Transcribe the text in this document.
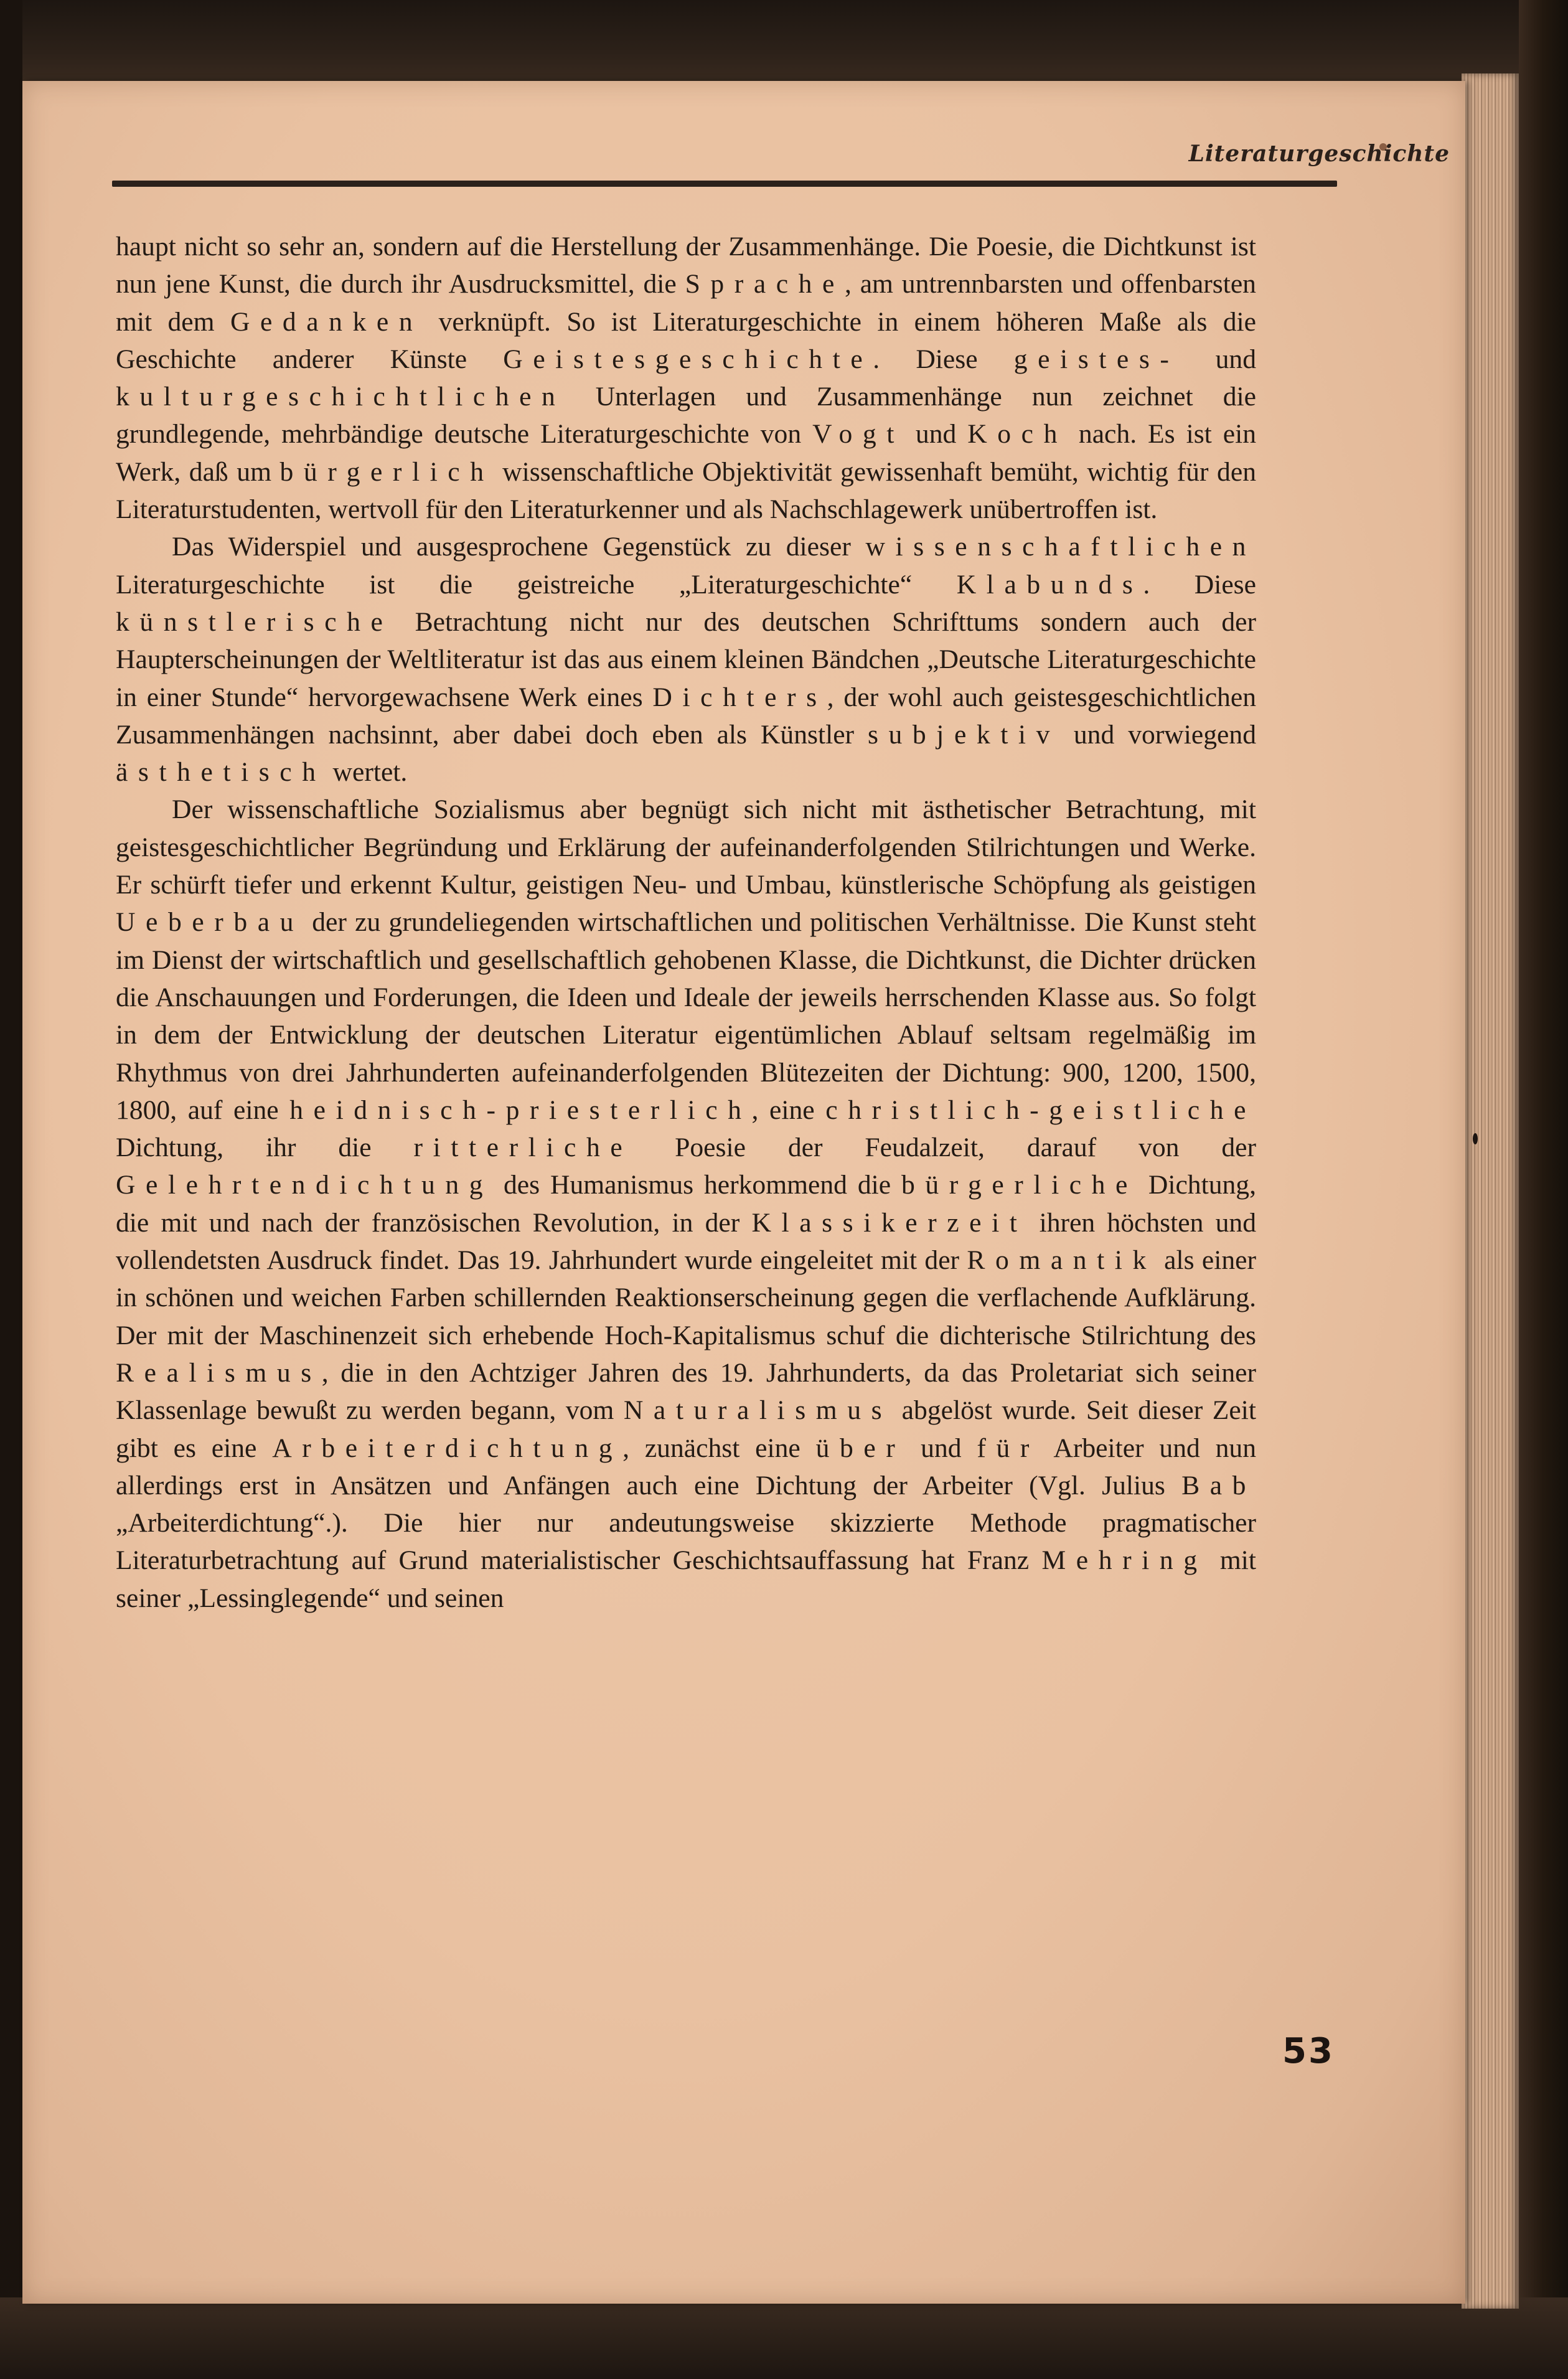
Literaturgeschichte

haupt nicht so sehr an, sondern auf die Herstellung der Zusammenhänge. Die Poesie, die Dichtkunst ist nun jene Kunst, die durch ihr Ausdrucksmittel, die Sprache, am untrennbarsten und offenbarsten mit dem Gedanken verknüpft. So ist Literaturgeschichte in einem höheren Maße als die Geschichte anderer Künste Geistesgeschichte. Diese geistes- und kulturgeschichtlichen Unterlagen und Zusammenhänge nun zeichnet die grundlegende, mehrbändige deutsche Literaturgeschichte von Vogt und Koch nach. Es ist ein Werk, daß um bürgerlich wissenschaftliche Objektivität gewissenhaft bemüht, wichtig für den Literaturstudenten, wertvoll für den Literaturkenner und als Nachschlagewerk unübertroffen ist.

Das Widerspiel und ausgesprochene Gegenstück zu dieser wissenschaftlichen Literaturgeschichte ist die geistreiche „Literaturgeschichte“ Klabunds. Diese künstlerische Betrachtung nicht nur des deutschen Schrifttums sondern auch der Haupterscheinungen der Weltliteratur ist das aus einem kleinen Bändchen „Deutsche Literaturgeschichte in einer Stunde“ hervorgewachsene Werk eines Dichters, der wohl auch geistesgeschichtlichen Zusammenhängen nachsinnt, aber dabei doch eben als Künstler subjektiv und vorwiegend ästhetisch wertet.

Der wissenschaftliche Sozialismus aber begnügt sich nicht mit ästhetischer Betrachtung, mit geistesgeschichtlicher Begründung und Erklärung der aufeinanderfolgenden Stilrichtungen und Werke. Er schürft tiefer und erkennt Kultur, geistigen Neu- und Umbau, künstlerische Schöpfung als geistigen Ueberbau der zu grundeliegenden wirtschaftlichen und politischen Verhältnisse. Die Kunst steht im Dienst der wirtschaftlich und gesellschaftlich gehobenen Klasse, die Dichtkunst, die Dichter drücken die Anschauungen und Forderungen, die Ideen und Ideale der jeweils herrschenden Klasse aus. So folgt in dem der Entwicklung der deutschen Literatur eigentümlichen Ablauf seltsam regelmäßig im Rhythmus von drei Jahrhunderten aufeinanderfolgenden Blütezeiten der Dichtung: 900, 1200, 1500, 1800, auf eine heidnisch-priesterlich, eine christlich-geistliche Dichtung, ihr die ritterliche Poesie der Feudalzeit, darauf von der Gelehrtendichtung des Humanismus herkommend die bürgerliche Dichtung, die mit und nach der französischen Revolution, in der Klassikerzeit ihren höchsten und vollendetsten Ausdruck findet. Das 19. Jahrhundert wurde eingeleitet mit der Romantik als einer in schönen und weichen Farben schillernden Reaktionserscheinung gegen die verflachende Aufklärung. Der mit der Maschinenzeit sich erhebende Hoch-Kapitalismus schuf die dichterische Stilrichtung des Realismus, die in den Achtziger Jahren des 19. Jahrhunderts, da das Proletariat sich seiner Klassenlage bewußt zu werden begann, vom Naturalismus abgelöst wurde. Seit dieser Zeit gibt es eine Arbeiterdichtung, zunächst eine über und für Arbeiter und nun allerdings erst in Ansätzen und Anfängen auch eine Dichtung der Arbeiter (Vgl. Julius Bab „Arbeiterdichtung“.). Die hier nur andeutungsweise skizzierte Methode pragmatischer Literaturbetrachtung auf Grund materialistischer Geschichtsauffassung hat Franz Mehring mit seiner „Lessinglegende“ und seinen

53
